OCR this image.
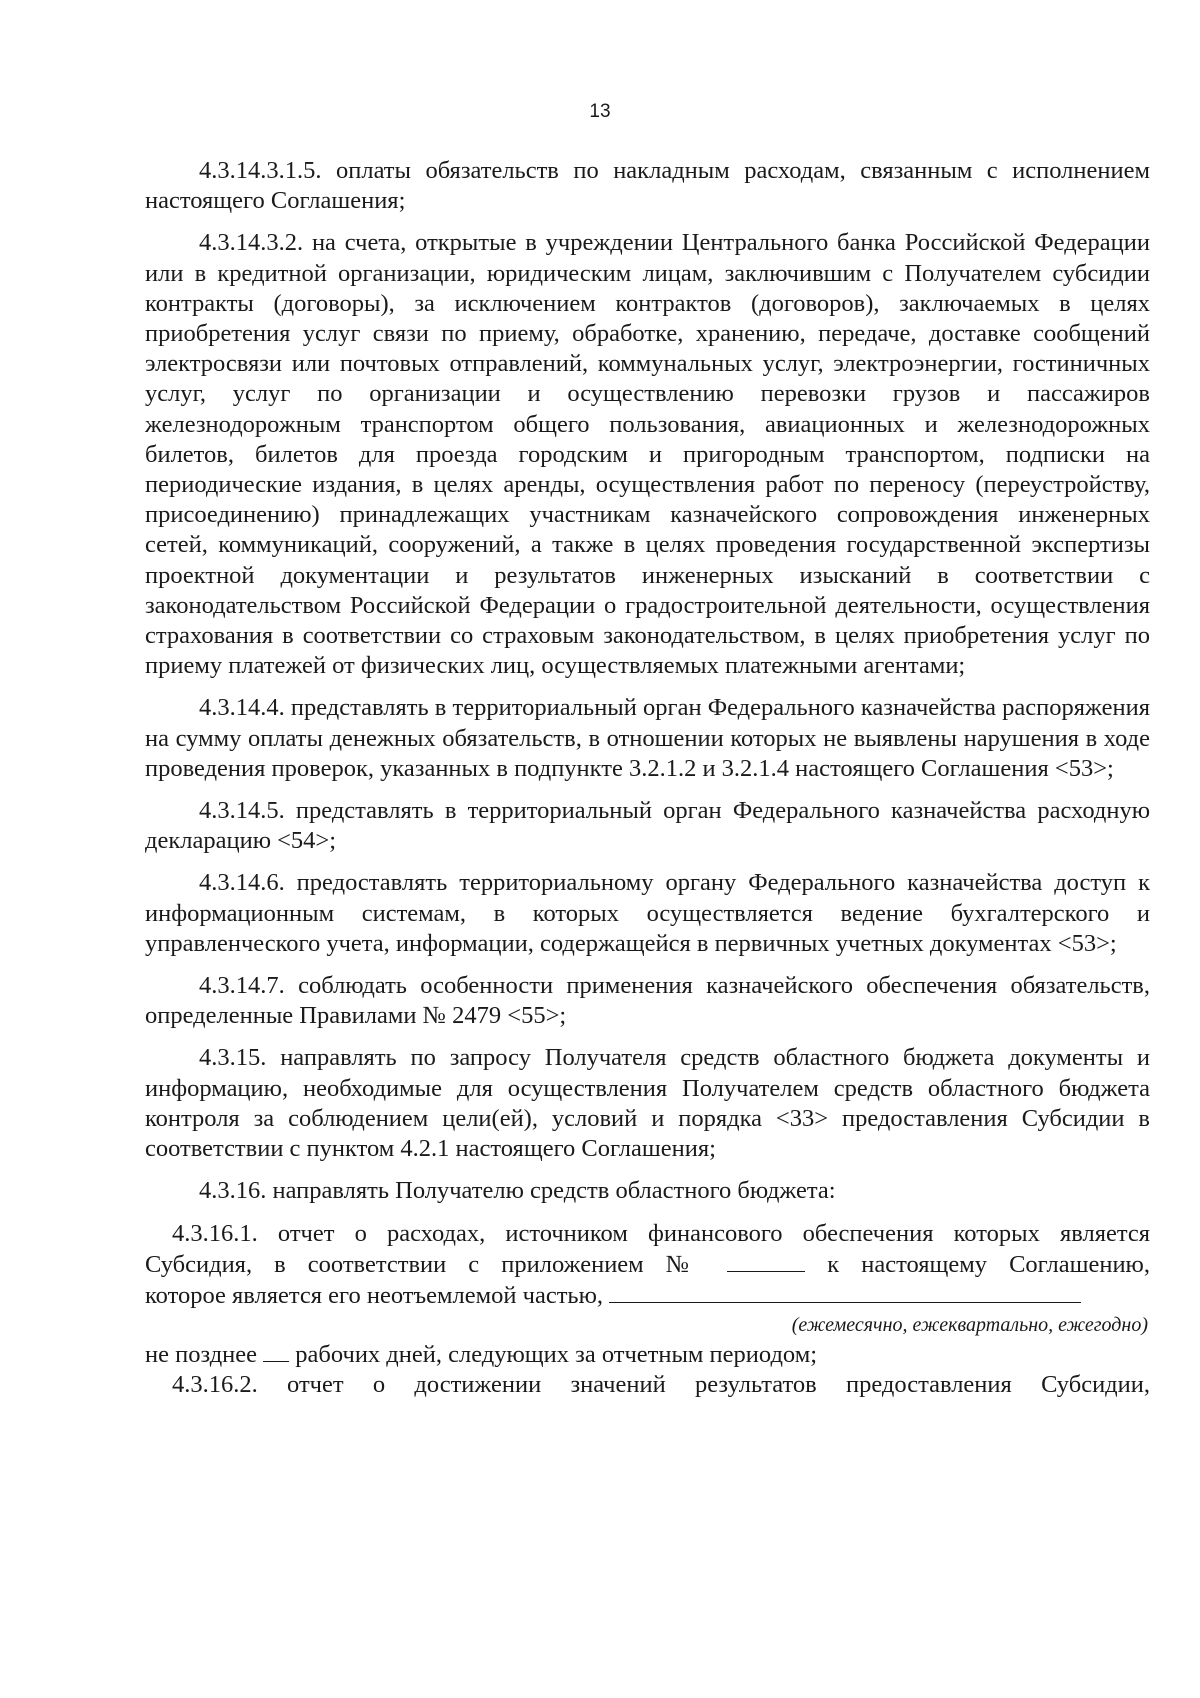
13

4.3.14.3.1.5. оплаты обязательств по накладным расходам, связанным с исполнением настоящего Соглашения;

4.3.14.3.2. на счета, открытые в учреждении Центрального банка Российской Федерации или в кредитной организации, юридическим лицам, заключившим с Получателем субсидии контракты (договоры), за исключением контрактов (договоров), заключаемых в целях приобретения услуг связи по приему, обработке, хранению, передаче, доставке сообщений электросвязи или почтовых отправлений, коммунальных услуг, электроэнергии, гостиничных услуг, услуг по организации и осуществлению перевозки грузов и пассажиров железнодорожным транспортом общего пользования, авиационных и железнодорожных билетов, билетов для проезда городским и пригородным транспортом, подписки на периодические издания, в целях аренды, осуществления работ по переносу (переустройству, присоединению) принадлежащих участникам казначейского сопровождения инженерных сетей, коммуникаций, сооружений, а также в целях проведения государственной экспертизы проектной документации и результатов инженерных изысканий в соответствии с законодательством Российской Федерации о градостроительной деятельности, осуществления страхования в соответствии со страховым законодательством, в целях приобретения услуг по приему платежей от физических лиц, осуществляемых платежными агентами;

4.3.14.4. представлять в территориальный орган Федерального казначейства распоряжения на сумму оплаты денежных обязательств, в отношении которых не выявлены нарушения в ходе проведения проверок, указанных в подпункте 3.2.1.2 и 3.2.1.4 настоящего Соглашения <53>;

4.3.14.5. представлять в территориальный орган Федерального казначейства расходную декларацию <54>;

4.3.14.6. предоставлять территориальному органу Федерального казначейства доступ к информационным системам, в которых осуществляется ведение бухгалтерского и управленческого учета, информации, содержащейся в первичных учетных документах <53>;

4.3.14.7. соблюдать особенности применения казначейского обеспечения обязательств, определенные Правилами № 2479 <55>;

4.3.15. направлять по запросу Получателя средств областного бюджета документы и информацию, необходимые для осуществления Получателем средств областного бюджета контроля за соблюдением цели(ей), условий и порядка <33> предоставления Субсидии в соответствии с пунктом 4.2.1 настоящего Соглашения;

4.3.16. направлять Получателю средств областного бюджета:

4.3.16.1. отчет о расходах, источником финансового обеспечения которых является
Субсидия, в соответствии с приложением №	к настоящему Соглашению,
которое является его неотъемлемой частью,
(ежемесячно, ежеквартально, ежегодно)
не позднее рабочих дней, следующих за отчетным периодом;
4.3.16.2. отчет о достижении значений результатов предоставления Субсидии,
